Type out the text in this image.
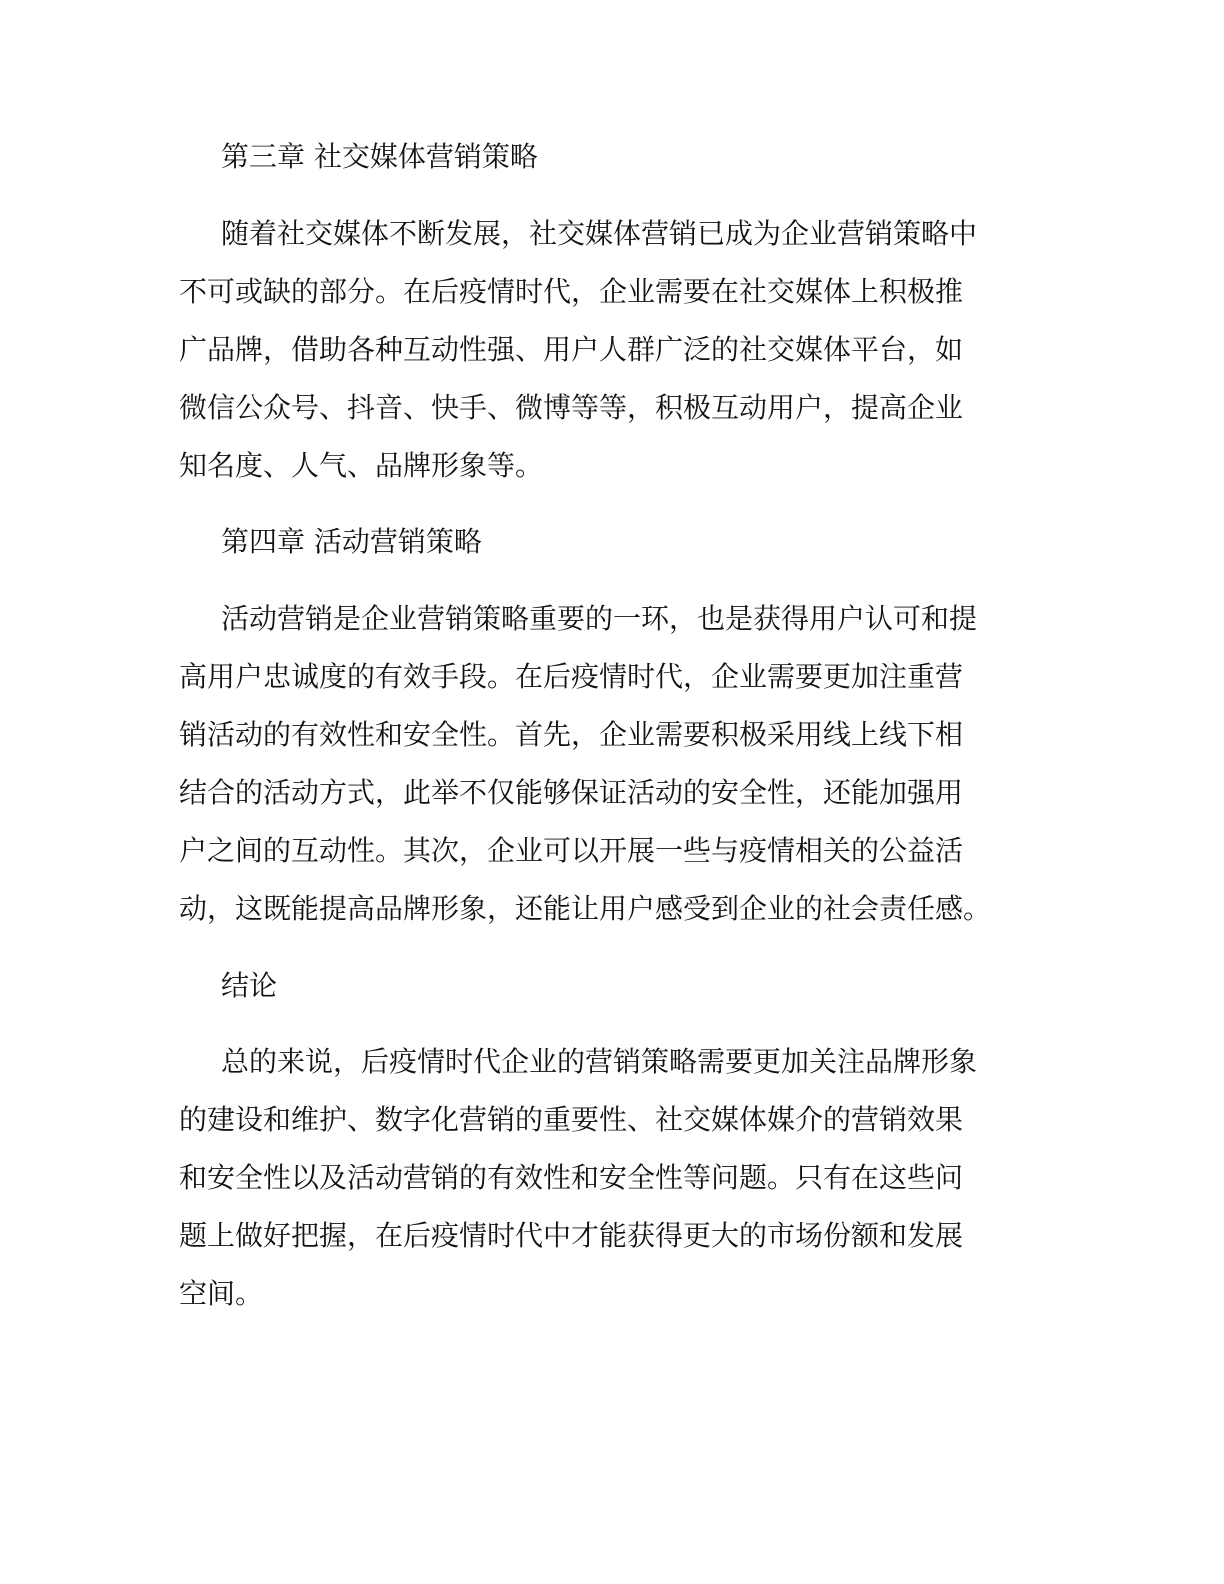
第三章 社交媒体营销策略
随着社交媒体不断发展，社交媒体营销已成为企业营销策略中
不可或缺的部分。在后疫情时代，企业需要在社交媒体上积极推
广品牌，借助各种互动性强、用户人群广泛的社交媒体平台，如
微信公众号、抖音、快手、微博等等，积极互动用户，提高企业
知名度、人气、品牌形象等。
第四章 活动营销策略
活动营销是企业营销策略重要的一环，也是获得用户认可和提
高用户忠诚度的有效手段。在后疫情时代，企业需要更加注重营
销活动的有效性和安全性。首先，企业需要积极采用线上线下相
结合的活动方式，此举不仅能够保证活动的安全性，还能加强用
户之间的互动性。其次，企业可以开展一些与疫情相关的公益活
动，这既能提高品牌形象，还能让用户感受到企业的社会责任感。
结论
总的来说，后疫情时代企业的营销策略需要更加关注品牌形象
的建设和维护、数字化营销的重要性、社交媒体媒介的营销效果
和安全性以及活动营销的有效性和安全性等问题。只有在这些问
题上做好把握，在后疫情时代中才能获得更大的市场份额和发展
空间。
